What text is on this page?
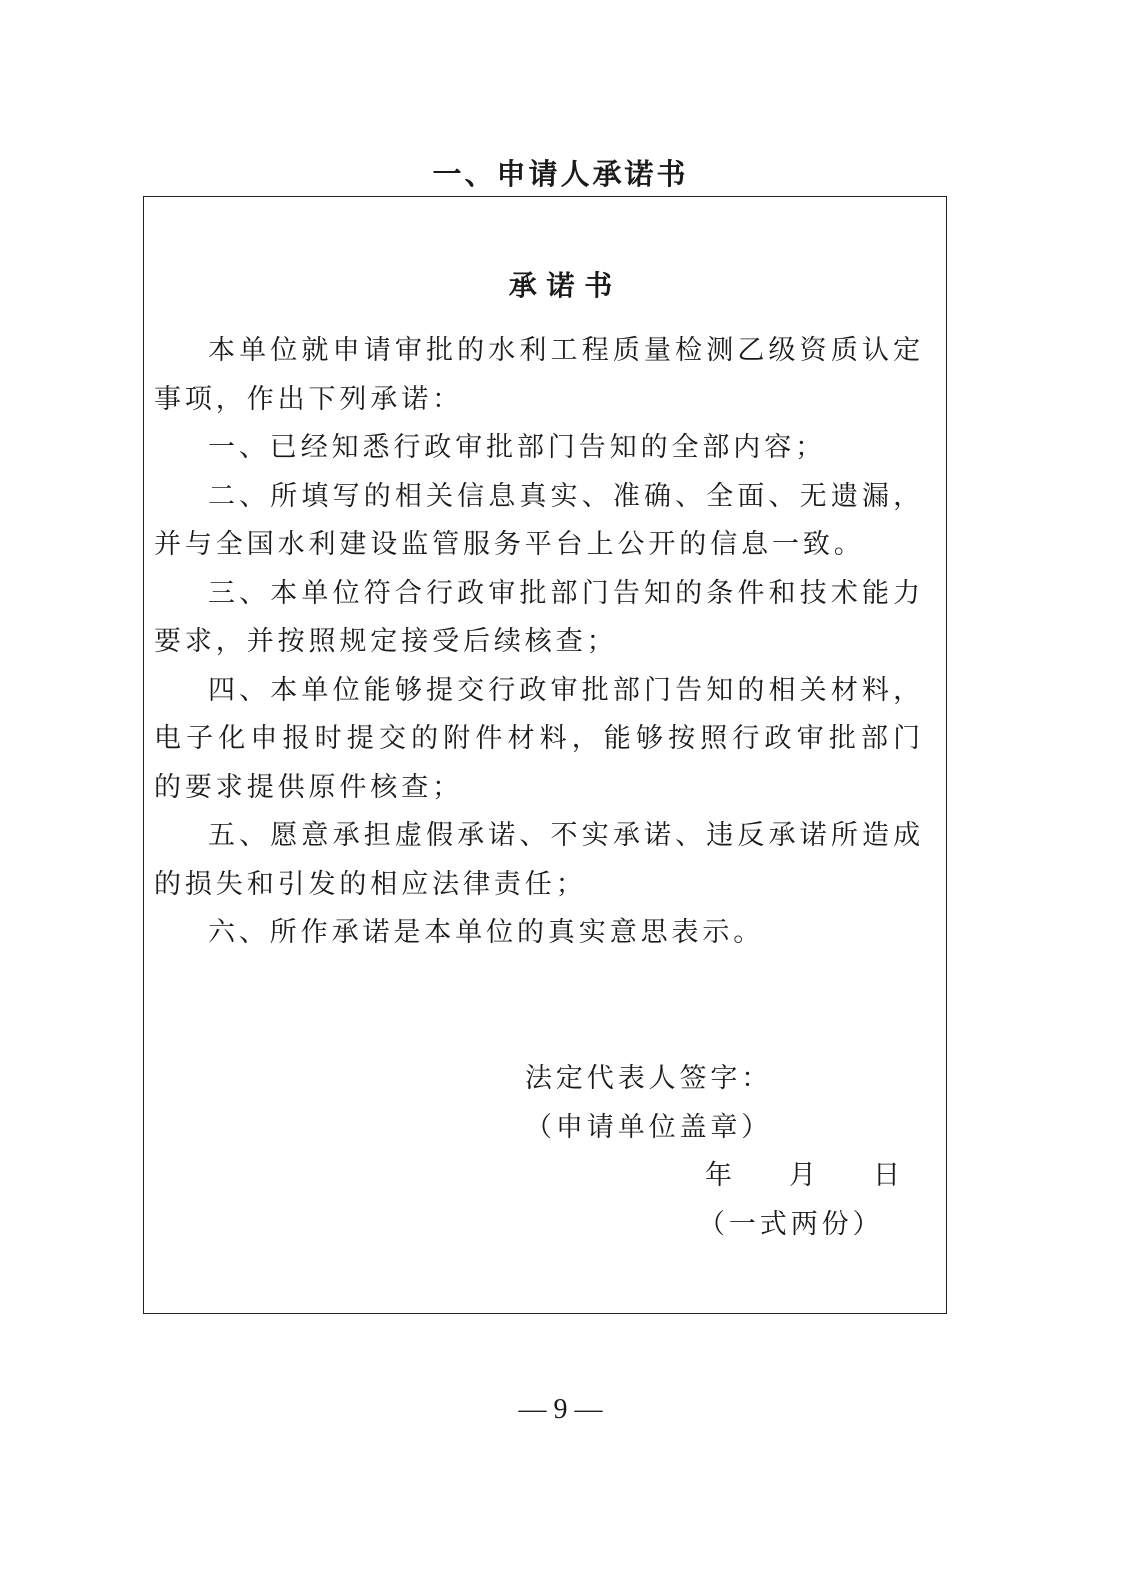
一、申请人承诺书
承 诺 书

本单位就申请审批的水利工程质量检测乙级资质认定事项，作出下列承诺：

一、已经知悉行政审批部门告知的全部内容；

二、所填写的相关信息真实、准确、全面、无遗漏，并与全国水利建设监管服务平台上公开的信息一致。

三、本单位符合行政审批部门告知的条件和技术能力要求，并按照规定接受后续核查；

四、本单位能够提交行政审批部门告知的相关材料，电子化申报时提交的附件材料，能够按照行政审批部门的要求提供原件核查；

五、愿意承担虚假承诺、不实承诺、违反承诺所造成的损失和引发的相应法律责任；

六、所作承诺是本单位的真实意思表示。

法定代表人签字：
（申请单位盖章）
年　　月　　日
（一式两份）
— 9 —
